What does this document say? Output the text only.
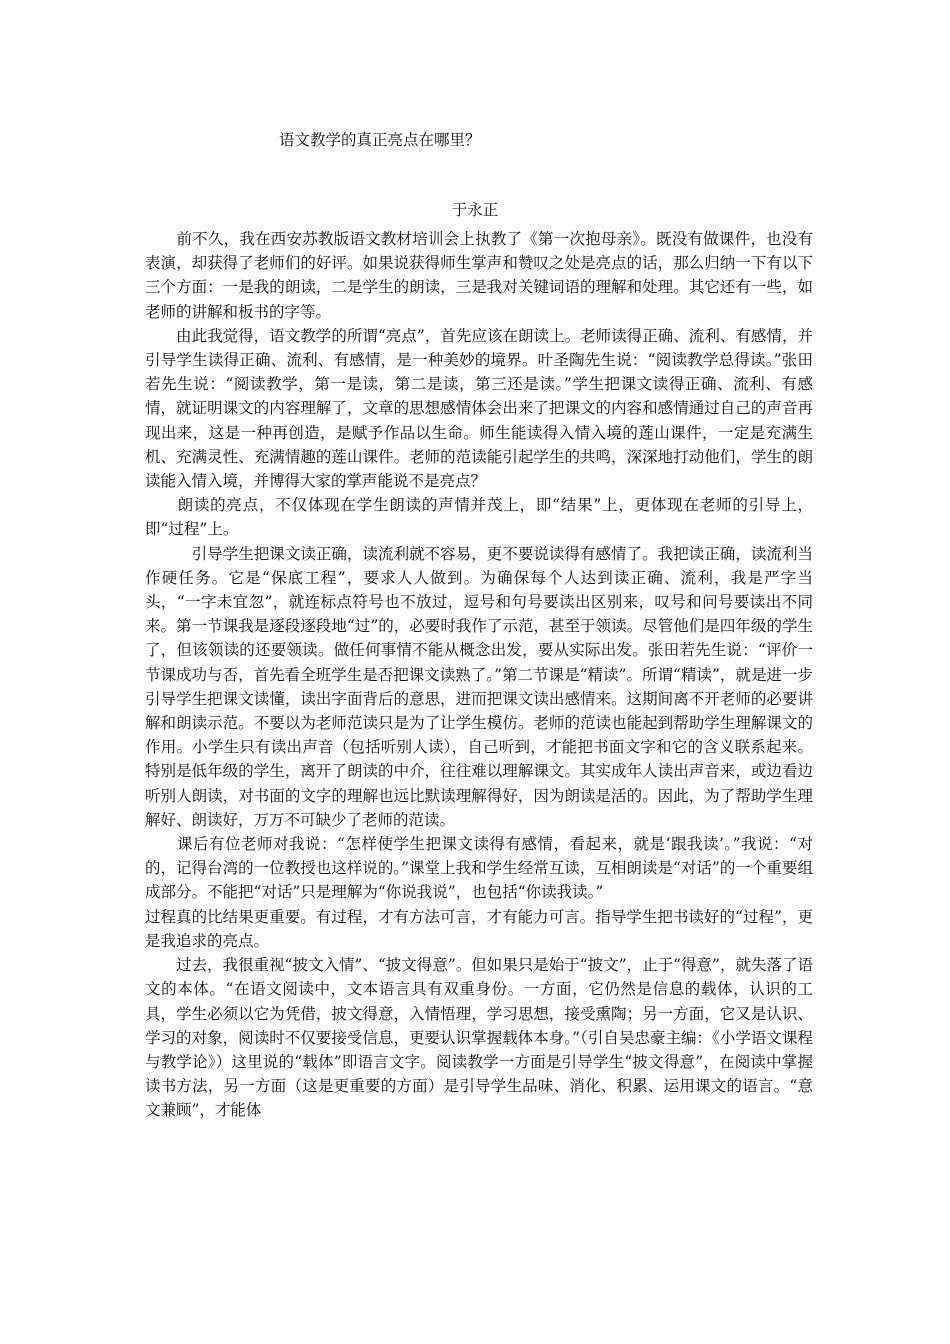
语文教学的真正亮点在哪里？
于永正

　　前不久，我在西安苏教版语文教材培训会上执教了《第一次抱母亲》。既没有做课件，也没有表演，却获得了老师们的好评。如果说获得师生掌声和赞叹之处是亮点的话，那么归纳一下有以下三个方面：一是我的朗读，二是学生的朗读，三是我对关键词语的理解和处理。其它还有一些，如老师的讲解和板书的字等。

　　由此我觉得，语文教学的所谓“亮点”，首先应该在朗读上。老师读得正确、流利、有感情，并引导学生读得正确、流利、有感情，是一种美妙的境界。叶圣陶先生说：“阅读教学总得读。”张田若先生说：“阅读教学，第一是读，第二是读，第三还是读。”学生把课文读得正确、流利、有感情，就证明课文的内容理解了，文章的思想感情体会出来了把课文的内容和感情通过自己的声音再现出来，这是一种再创造，是赋予作品以生命。师生能读得入情入境的莲山课件，一定是充满生机、充满灵性、充满情趣的莲山课件。老师的范读能引起学生的共鸣，深深地打动他们，学生的朗读能入情入境，并博得大家的掌声能说不是亮点？

　　朗读的亮点，不仅体现在学生朗读的声情并茂上，即“结果”上，更体现在老师的引导上，即“过程”上。

　　　引导学生把课文读正确，读流利就不容易，更不要说读得有感情了。我把读正确，读流利当作硬任务。它是“保底工程”，要求人人做到。为确保每个人达到读正确、流利，我是严字当头，“一字未宜忽”，就连标点符号也不放过，逗号和句号要读出区别来，叹号和问号要读出不同来。第一节课我是逐段逐段地“过”的，必要时我作了示范，甚至于领读。尽管他们是四年级的学生了，但该领读的还要领读。做任何事情不能从概念出发，要从实际出发。张田若先生说：“评价一节课成功与否，首先看全班学生是否把课文读熟了。”第二节课是“精读”。所谓“精读”，就是进一步引导学生把课文读懂，读出字面背后的意思，进而把课文读出感情来。这期间离不开老师的必要讲解和朗读示范。不要以为老师范读只是为了让学生模仿。老师的范读也能起到帮助学生理解课文的作用。小学生只有读出声音（包括听别人读），自己听到，才能把书面文字和它的含义联系起来。特别是低年级的学生，离开了朗读的中介，往往难以理解课文。其实成年人读出声音来，或边看边听别人朗读，对书面的文字的理解也远比默读理解得好，因为朗读是活的。因此，为了帮助学生理解好、朗读好，万万不可缺少了老师的范读。

　　课后有位老师对我说：“怎样使学生把课文读得有感情，看起来，就是‘跟我读’。”我说：“对的，记得台湾的一位教授也这样说的。”课堂上我和学生经常互读，互相朗读是“对话”的一个重要组成部分。不能把“对话”只是理解为“你说我说”，也包括“你读我读。”

过程真的比结果更重要。有过程，才有方法可言，才有能力可言。指导学生把书读好的“过程”，更是我追求的亮点。

　　过去，我很重视“披文入情”、“披文得意”。但如果只是始于“披文”，止于“得意”，就失落了语文的本体。“在语文阅读中，文本语言具有双重身份。一方面，它仍然是信息的载体，认识的工具，学生必须以它为凭借，披文得意，入情悟理，学习思想，接受熏陶；另一方面，它又是认识、学习的对象，阅读时不仅要接受信息，更要认识掌握载体本身。”（引自吴忠豪主编：《小学语文课程与教学论》）这里说的“载体”即语言文字。阅读教学一方面是引导学生“披文得意”，在阅读中掌握读书方法，另一方面（这是更重要的方面）是引导学生品味、消化、积累、运用课文的语言。“意文兼顾”，才能体
